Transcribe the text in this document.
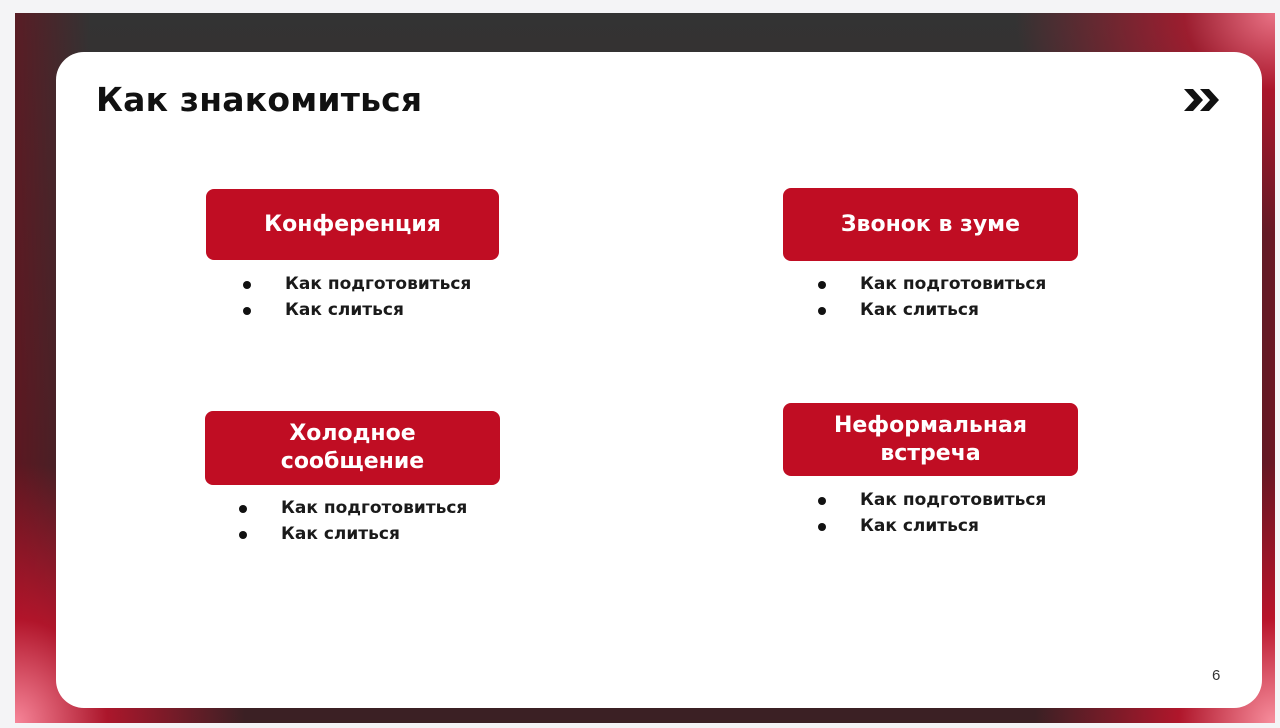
Как знакомиться
Конференция
Как подготовиться
Как слиться
Звонок в зуме
Как подготовиться
Как слиться
Холодное сообщение
Как подготовиться
Как слиться
Неформальная встреча
Как подготовиться
Как слиться
6
